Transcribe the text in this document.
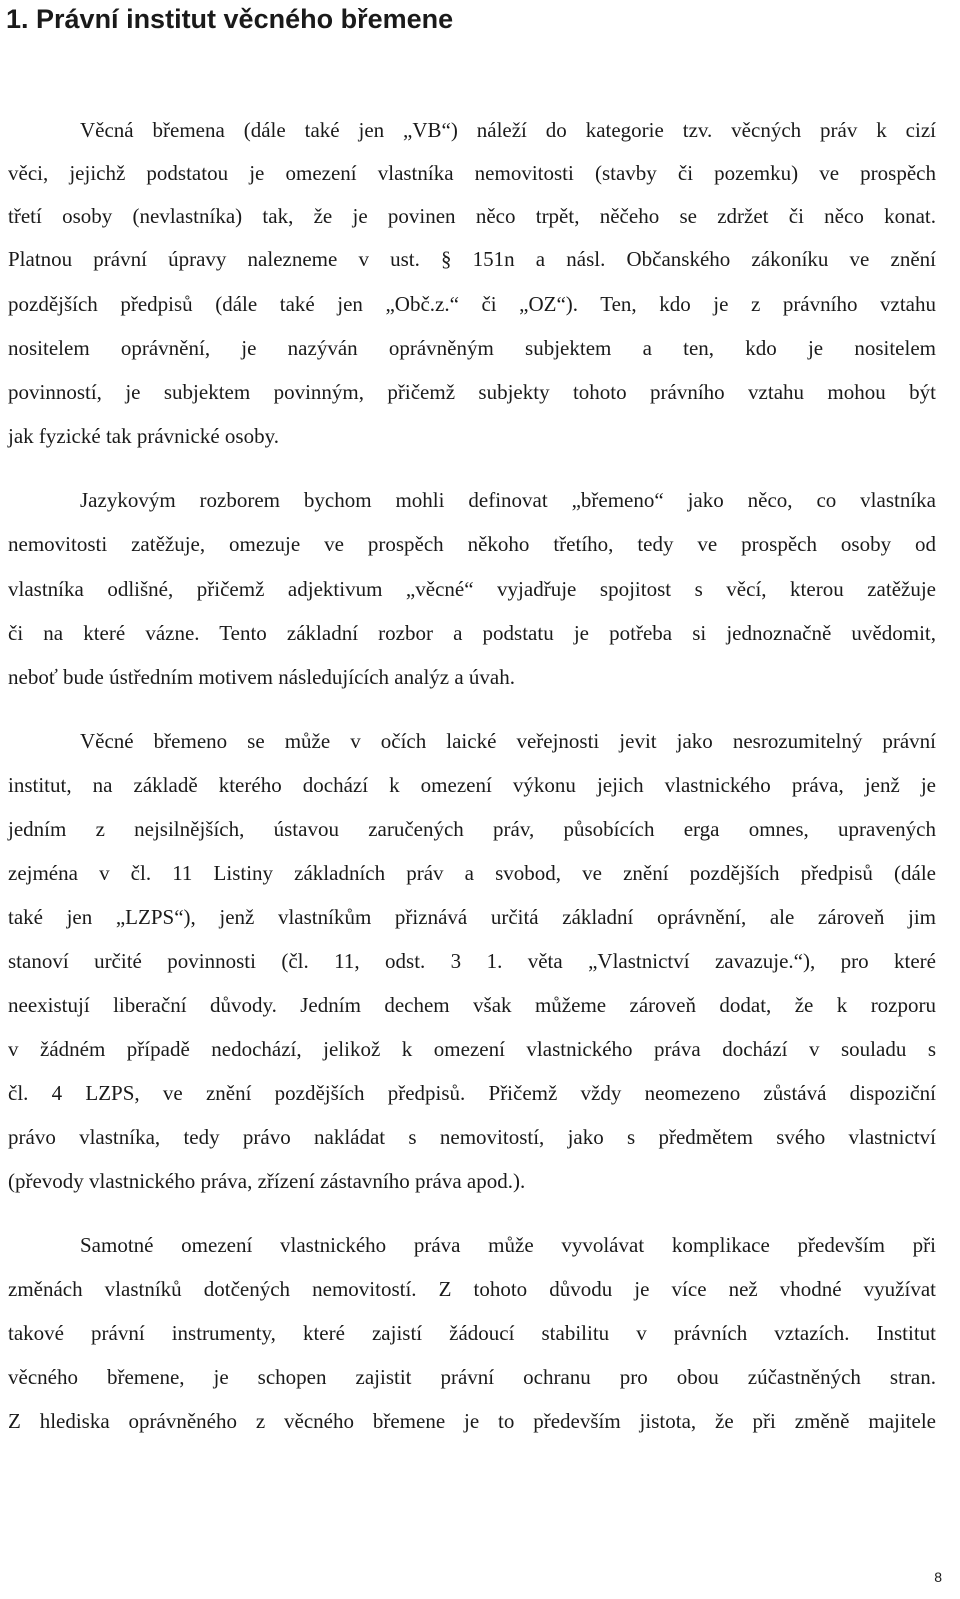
1. Právní institut věcného břemene
Věcná břemena (dále také jen „VB“) náleží do kategorie tzv. věcných práv k cizí
věci, jejichž podstatou je omezení vlastníka nemovitosti (stavby či pozemku) ve prospěch
třetí osoby (nevlastníka) tak, že je povinen něco trpět, něčeho se zdržet či něco konat.
Platnou právní úpravy nalezneme v ust. § 151n a násl. Občanského zákoníku ve znění
pozdějších předpisů (dále také jen „Obč.z.“ či „OZ“). Ten, kdo je z právního vztahu
nositelem oprávnění, je nazýván oprávněným subjektem a ten, kdo je nositelem
povinností, je subjektem povinným, přičemž subjekty tohoto právního vztahu mohou být
jak fyzické tak právnické osoby.
Jazykovým rozborem bychom mohli definovat „břemeno“ jako něco, co vlastníka
nemovitosti zatěžuje, omezuje ve prospěch někoho třetího, tedy ve prospěch osoby od
vlastníka odlišné, přičemž adjektivum „věcné“ vyjadřuje spojitost s věcí, kterou zatěžuje
či na které vázne. Tento základní rozbor a podstatu je potřeba si jednoznačně uvědomit,
neboť bude ústředním motivem následujících analýz a úvah.
Věcné břemeno se může v očích laické veřejnosti jevit jako nesrozumitelný právní
institut, na základě kterého dochází k omezení výkonu jejich vlastnického práva, jenž je
jedním z nejsilnějších, ústavou zaručených práv, působících erga omnes, upravených
zejména v čl. 11 Listiny základních práv a svobod, ve znění pozdějších předpisů (dále
také jen „LZPS“), jenž vlastníkům přiznává určitá základní oprávnění, ale zároveň jim
stanoví určité povinnosti (čl. 11, odst. 3 1. věta „Vlastnictví zavazuje.“), pro které
neexistují liberační důvody. Jedním dechem však můžeme zároveň dodat, že k rozporu
v žádném případě nedochází, jelikož k omezení vlastnického práva dochází v souladu s
čl. 4 LZPS, ve znění pozdějších předpisů. Přičemž vždy neomezeno zůstává dispoziční
právo vlastníka, tedy právo nakládat s nemovitostí, jako s předmětem svého vlastnictví
(převody vlastnického práva, zřízení zástavního práva apod.).
Samotné omezení vlastnického práva může vyvolávat komplikace především při
změnách vlastníků dotčených nemovitostí. Z tohoto důvodu je více než vhodné využívat
takové právní instrumenty, které zajistí žádoucí stabilitu v právních vztazích. Institut
věcného břemene, je schopen zajistit právní ochranu pro obou zúčastněných stran.
Z hlediska oprávněného z věcného břemene je to především jistota, že při změně majitele
8
